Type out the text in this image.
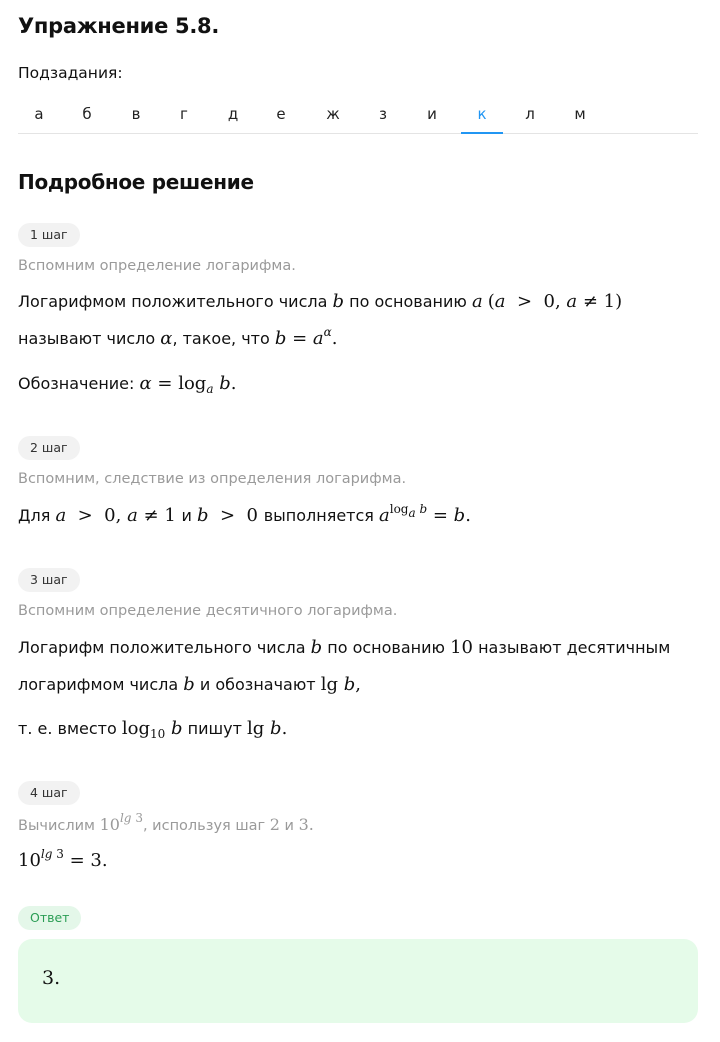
Упражнение 5.8.
Подзадания:
а	б	в	г	д	е	ж	з	и	к	л	м
Подробное решение
1 шаг
Вспомним определение логарифма.
Логарифмом положительного числа b по основанию a (a  >  0, a ≠ 1)
называют число α, такое, что $b = a^\alpha$.
Обозначение: $\alpha = \log_a b$.
2 шаг
Вспомним, следствие из определения логарифма.
Для a  >  0, a ≠ 1 и b  >  0 выполняется $a^{log_a b} = b$.
3 шаг
Вспомним определение десятичного логарифма.
Логарифм положительного числа b по основанию 10 называют десятичным
логарифмом числа b и обозначают lg b,
т. е. вместо $\log_{10} b$ пишут lg b.
4 шаг
Вычислим $10^{lg 3}$, используя шаг 2 и 3.
$10^{lg 3} = 3$.
Ответ
3.
